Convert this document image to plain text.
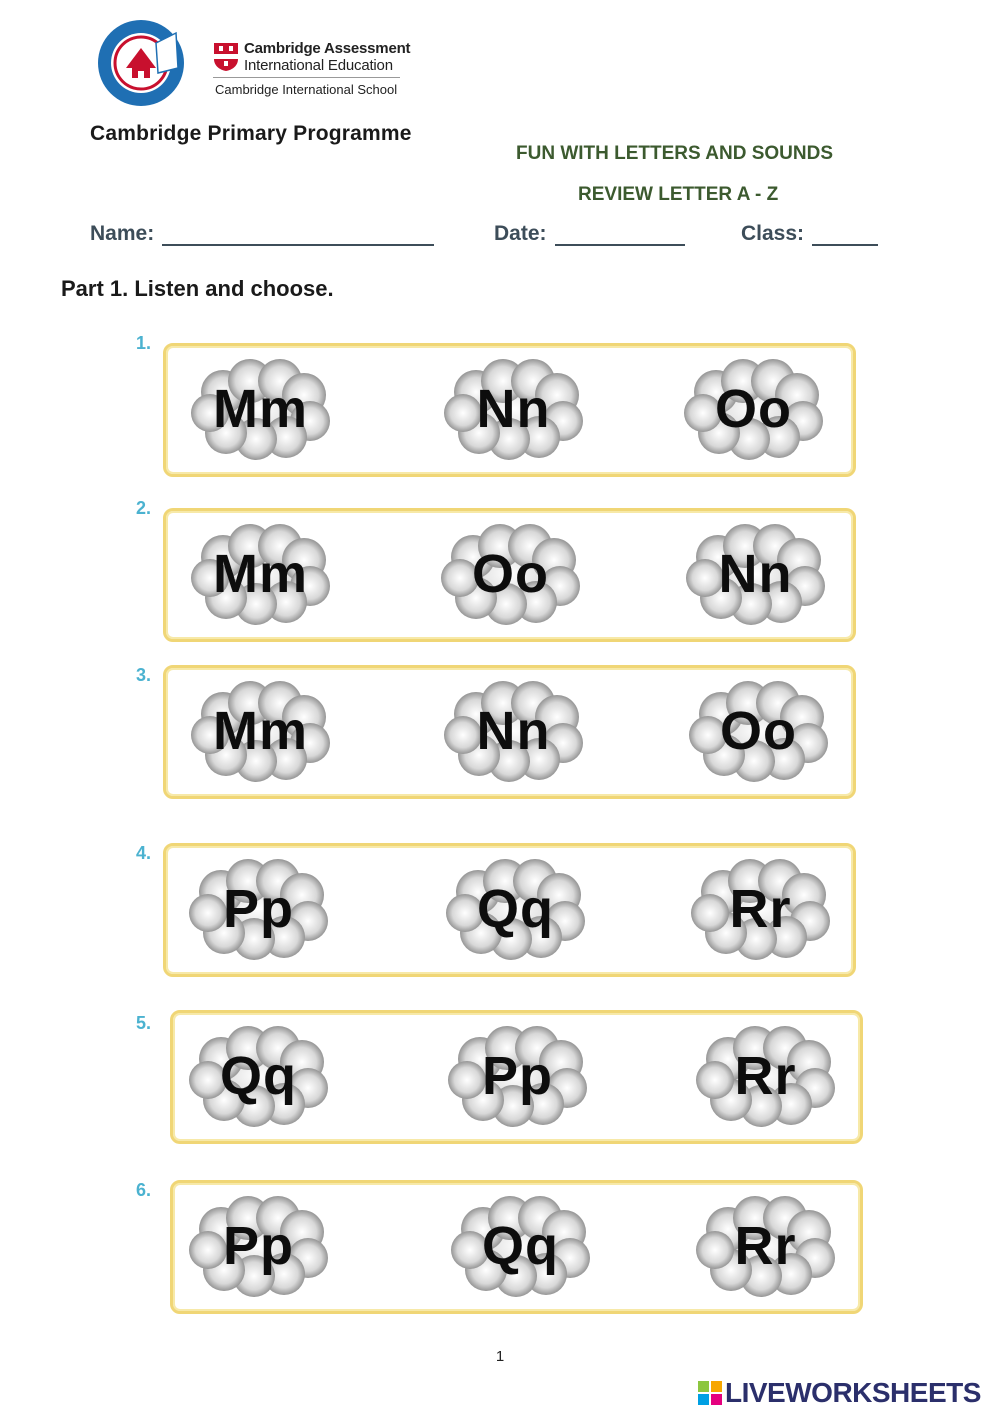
Cambridge Assessment
International Education
Cambridge International School
Cambridge Primary Programme
FUN WITH LETTERS AND SOUNDS
REVIEW LETTER A - Z
Name:	Date:	Class:
Part 1. Listen and choose.
1.
Mm	Nn	Oo
2.
Mm	Oo	Nn
3.
Mm	Nn	Oo
4.
Pp	Qq	Rr
5.
Qq	Pp	Rr
6.
Pp	Qq	Rr
1
LIVEWORKSHEETS
